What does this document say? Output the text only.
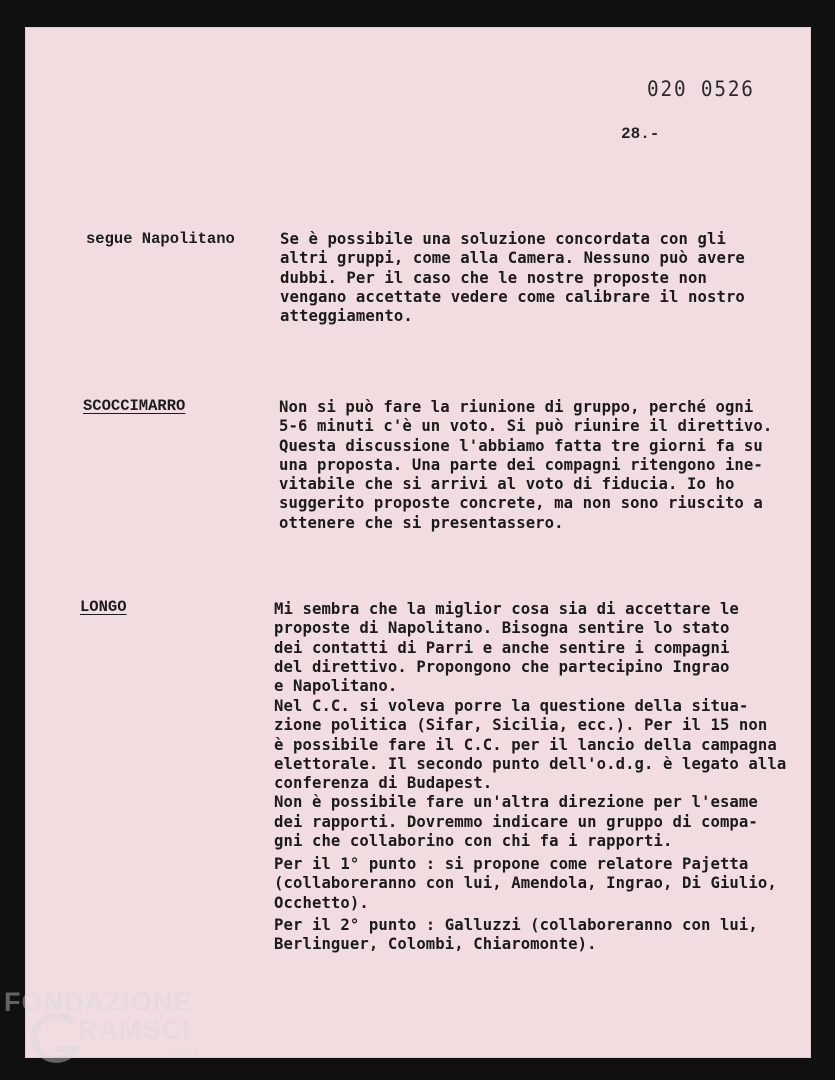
020 0526
28.-
segue Napolitano	Se è possibile una soluzione concordata con gli
altri gruppi, come alla Camera. Nessuno può avere
dubbi. Per il caso che le nostre proposte non
vengano accettate vedere come calibrare il nostro
atteggiamento.
SCOCCIMARRO	Non si può fare la riunione di gruppo, perché ogni
5-6 minuti c'è un voto. Si può riunire il direttivo.
Questa discussione l'abbiamo fatta tre giorni fa su
una proposta. Una parte dei compagni ritengono ine-
vitabile che si arrivi al voto di fiducia. Io ho
suggerito proposte concrete, ma non sono riuscito a
ottenere che si presentassero.
LONGO	Mi sembra che la miglior cosa sia di accettare le
proposte di Napolitano. Bisogna sentire lo stato
dei contatti di Parri e anche sentire i compagni
del direttivo. Propongono che partecipino Ingrao
e Napolitano.
Nel C.C. si voleva porre la questione della situa-
zione politica (Sifar, Sicilia, ecc.). Per il 15 non
è possibile fare il C.C. per il lancio della campagna
elettorale. Il secondo punto dell'o.d.g. è legato alla
conferenza di Budapest.
Non è possibile fare un'altra direzione per l'esame
dei rapporti. Dovremmo indicare un gruppo di compa-
gni che collaborino con chi fa i rapporti.
Per il 1° punto : si propone come relatore Pajetta
(collaboreranno con lui, Amendola, Ingrao, Di Giulio,
Occhetto).
Per il 2° punto : Galluzzi (collaboreranno con lui,
Berlinguer, Colombi, Chiaromonte).
FONDAZIONE
RAMSCI
onlus
